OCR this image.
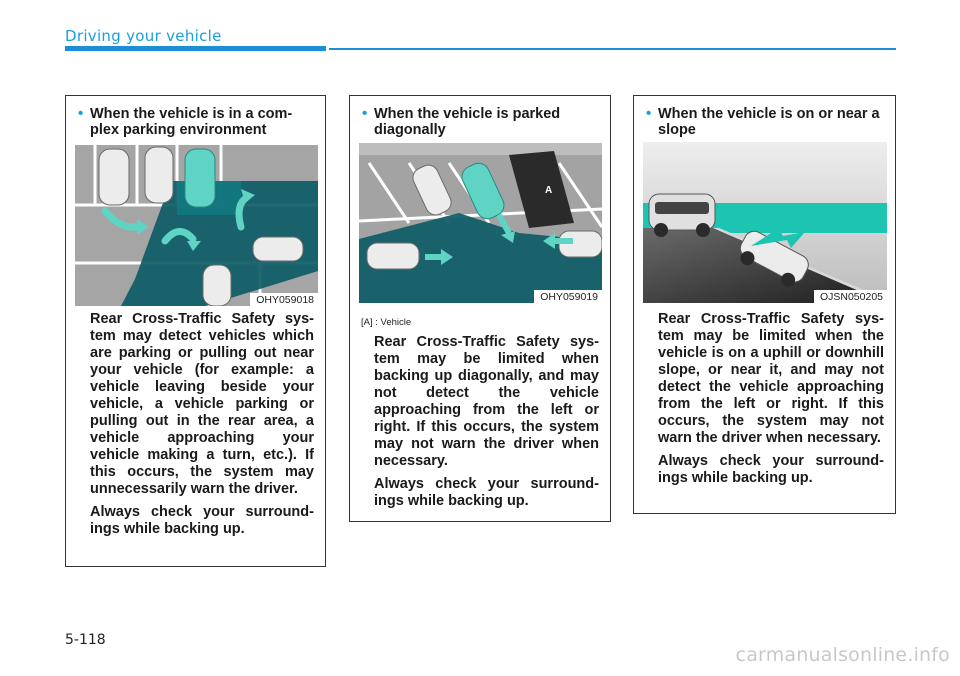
Driving your vehicle
• When the vehicle is in a complex parking environment
OHY059018

Rear Cross-Traffic Safety system may detect vehicles which are parking or pulling out near your vehicle (for example: a vehicle leaving beside your vehicle, a vehicle parking or pulling out in the rear area, a vehicle approaching your vehicle making a turn, etc.). If this occurs, the system may unnecessarily warn the driver.

Always check your surroundings while backing up.

• When the vehicle is parked diagonally
A
OHY059019
[A] : Vehicle

Rear Cross-Traffic Safety system may be limited when backing up diagonally, and may not detect the vehicle approaching from the left or right. If this occurs, the system may not warn the driver when necessary.

Always check your surroundings while backing up.

• When the vehicle is on or near a slope
OJSN050205

Rear Cross-Traffic Safety system may be limited when the vehicle is on a uphill or downhill slope, or near it, and may not detect the vehicle approaching from the left or right. If this occurs, the system may not warn the driver when necessary.

Always check your surroundings while backing up.

5-118
carmanualsonline.info
